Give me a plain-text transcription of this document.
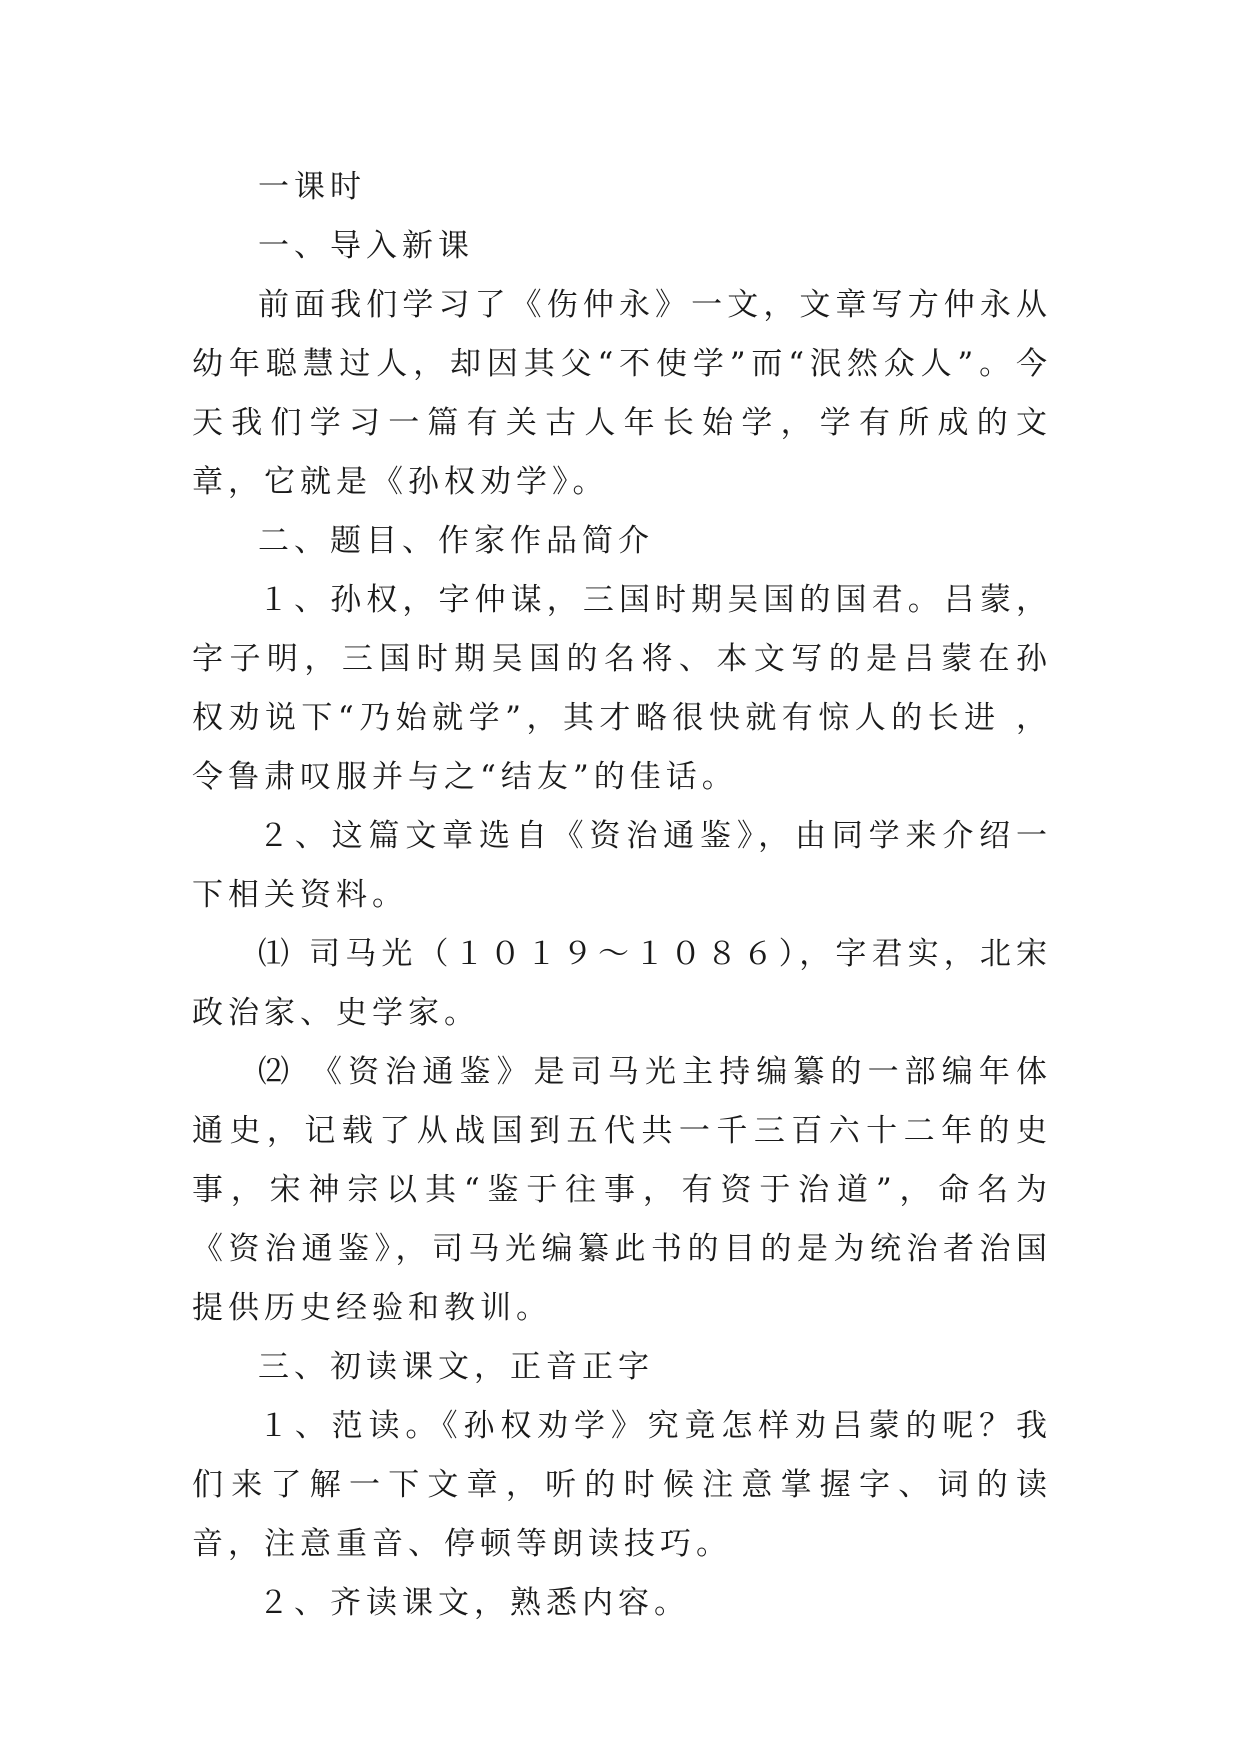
一课时

一、导入新课

前面我们学习了《伤仲永》一文，文章写方仲永从幼年聪慧过人，却因其父“不使学”而“泯然众人”。今天我们学习一篇有关古人年长始学，学有所成的文章，它就是《孙权劝学》。

二、题目、作家作品简介

１、孙权，字仲谋，三国时期吴国的国君。吕蒙，字子明，三国时期吴国的名将、本文写的是吕蒙在孙权劝说下“乃始就学”，其才略很快就有惊人的长进 ，令鲁肃叹服并与之“结友”的佳话。

２、这篇文章选自《资治通鉴》，由同学来介绍一下相关资料。

⑴ 司马光（１０１９～１０８６），字君实，北宋政治家、史学家。

⑵ 《资治通鉴》是司马光主持编纂的一部编年体通史，记载了从战国到五代共一千三百六十二年的史事，宋神宗以其“鉴于往事，有资于治道”，命名为《资治通鉴》，司马光编纂此书的目的是为统治者治国提供历史经验和教训。

三、初读课文，正音正字

１、范读。《孙权劝学》究竟怎样劝吕蒙的呢？我们来了解一下文章，听的时候注意掌握字、词的读音，注意重音、停顿等朗读技巧。

２、齐读课文，熟悉内容。
